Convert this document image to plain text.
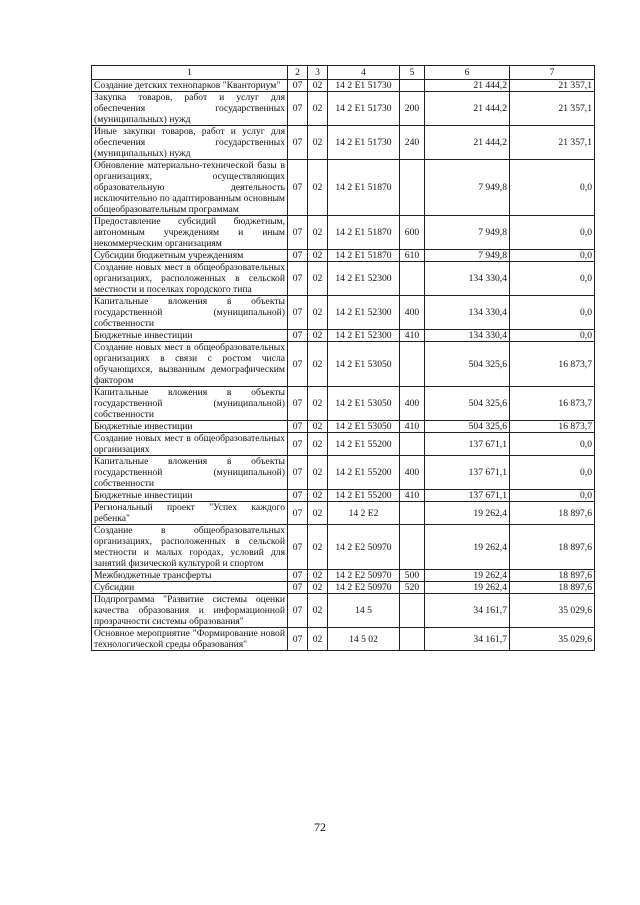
1	2	3	4	5	6	7
Создание детских технопарков "Кванториум"	07	02	14 2 E1 51730		21 444,2	21 357,1
Закупка товаров, работ и услуг для обеспечения государственных (муниципальных) нужд	07	02	14 2 E1 51730	200	21 444,2	21 357,1
Иные закупки товаров, работ и услуг для обеспечения государственных (муниципальных) нужд	07	02	14 2 E1 51730	240	21 444,2	21 357,1
Обновление материально-технической базы в организациях, осуществляющих образовательную деятельность исключительно по адаптированным основным общеобразовательным программам	07	02	14 2 E1 51870		7 949,8	0,0
Предоставление субсидий бюджетным, автономным учреждениям и иным некоммерческим организациям	07	02	14 2 E1 51870	600	7 949,8	0,0
Субсидии бюджетным учреждениям	07	02	14 2 E1 51870	610	7 949,8	0,0
Создание новых мест в общеобразовательных организациях, расположенных в сельской местности и поселках городского типа	07	02	14 2 E1 52300		134 330,4	0,0
Капитальные вложения в объекты государственной (муниципальной) собственности	07	02	14 2 E1 52300	400	134 330,4	0,0
Бюджетные инвестиции	07	02	14 2 E1 52300	410	134 330,4	0,0
Создание новых мест в общеобразовательных организациях в связи с ростом числа обучающихся, вызванным демографическим фактором	07	02	14 2 E1 53050		504 325,6	16 873,7
Капитальные вложения в объекты государственной (муниципальной) собственности	07	02	14 2 E1 53050	400	504 325,6	16 873,7
Бюджетные инвестиции	07	02	14 2 E1 53050	410	504 325,6	16 873,7
Создание новых мест в общеобразовательных организациях	07	02	14 2 E1 55200		137 671,1	0,0
Капитальные вложения в объекты государственной (муниципальной) собственности	07	02	14 2 E1 55200	400	137 671,1	0,0
Бюджетные инвестиции	07	02	14 2 E1 55200	410	137 671,1	0,0
Региональный проект "Успех каждого ребенка"	07	02	14 2 E2		19 262,4	18 897,6
Создание в общеобразовательных организациях, расположенных в сельской местности и малых городах, условий для занятий физической культурой и спортом	07	02	14 2 E2 50970		19 262,4	18 897,6
Межбюджетные трансферты	07	02	14 2 E2 50970	500	19 262,4	18 897,6
Субсидии	07	02	14 2 E2 50970	520	19 262,4	18 897,6
Подпрограмма "Развитие системы оценки качества образования и информационной прозрачности системы образования"	07	02	14 5		34 161,7	35 029,6
Основное мероприятие "Формирование новой технологической среды образования"	07	02	14 5 02		34 161,7	35 029,6
72
